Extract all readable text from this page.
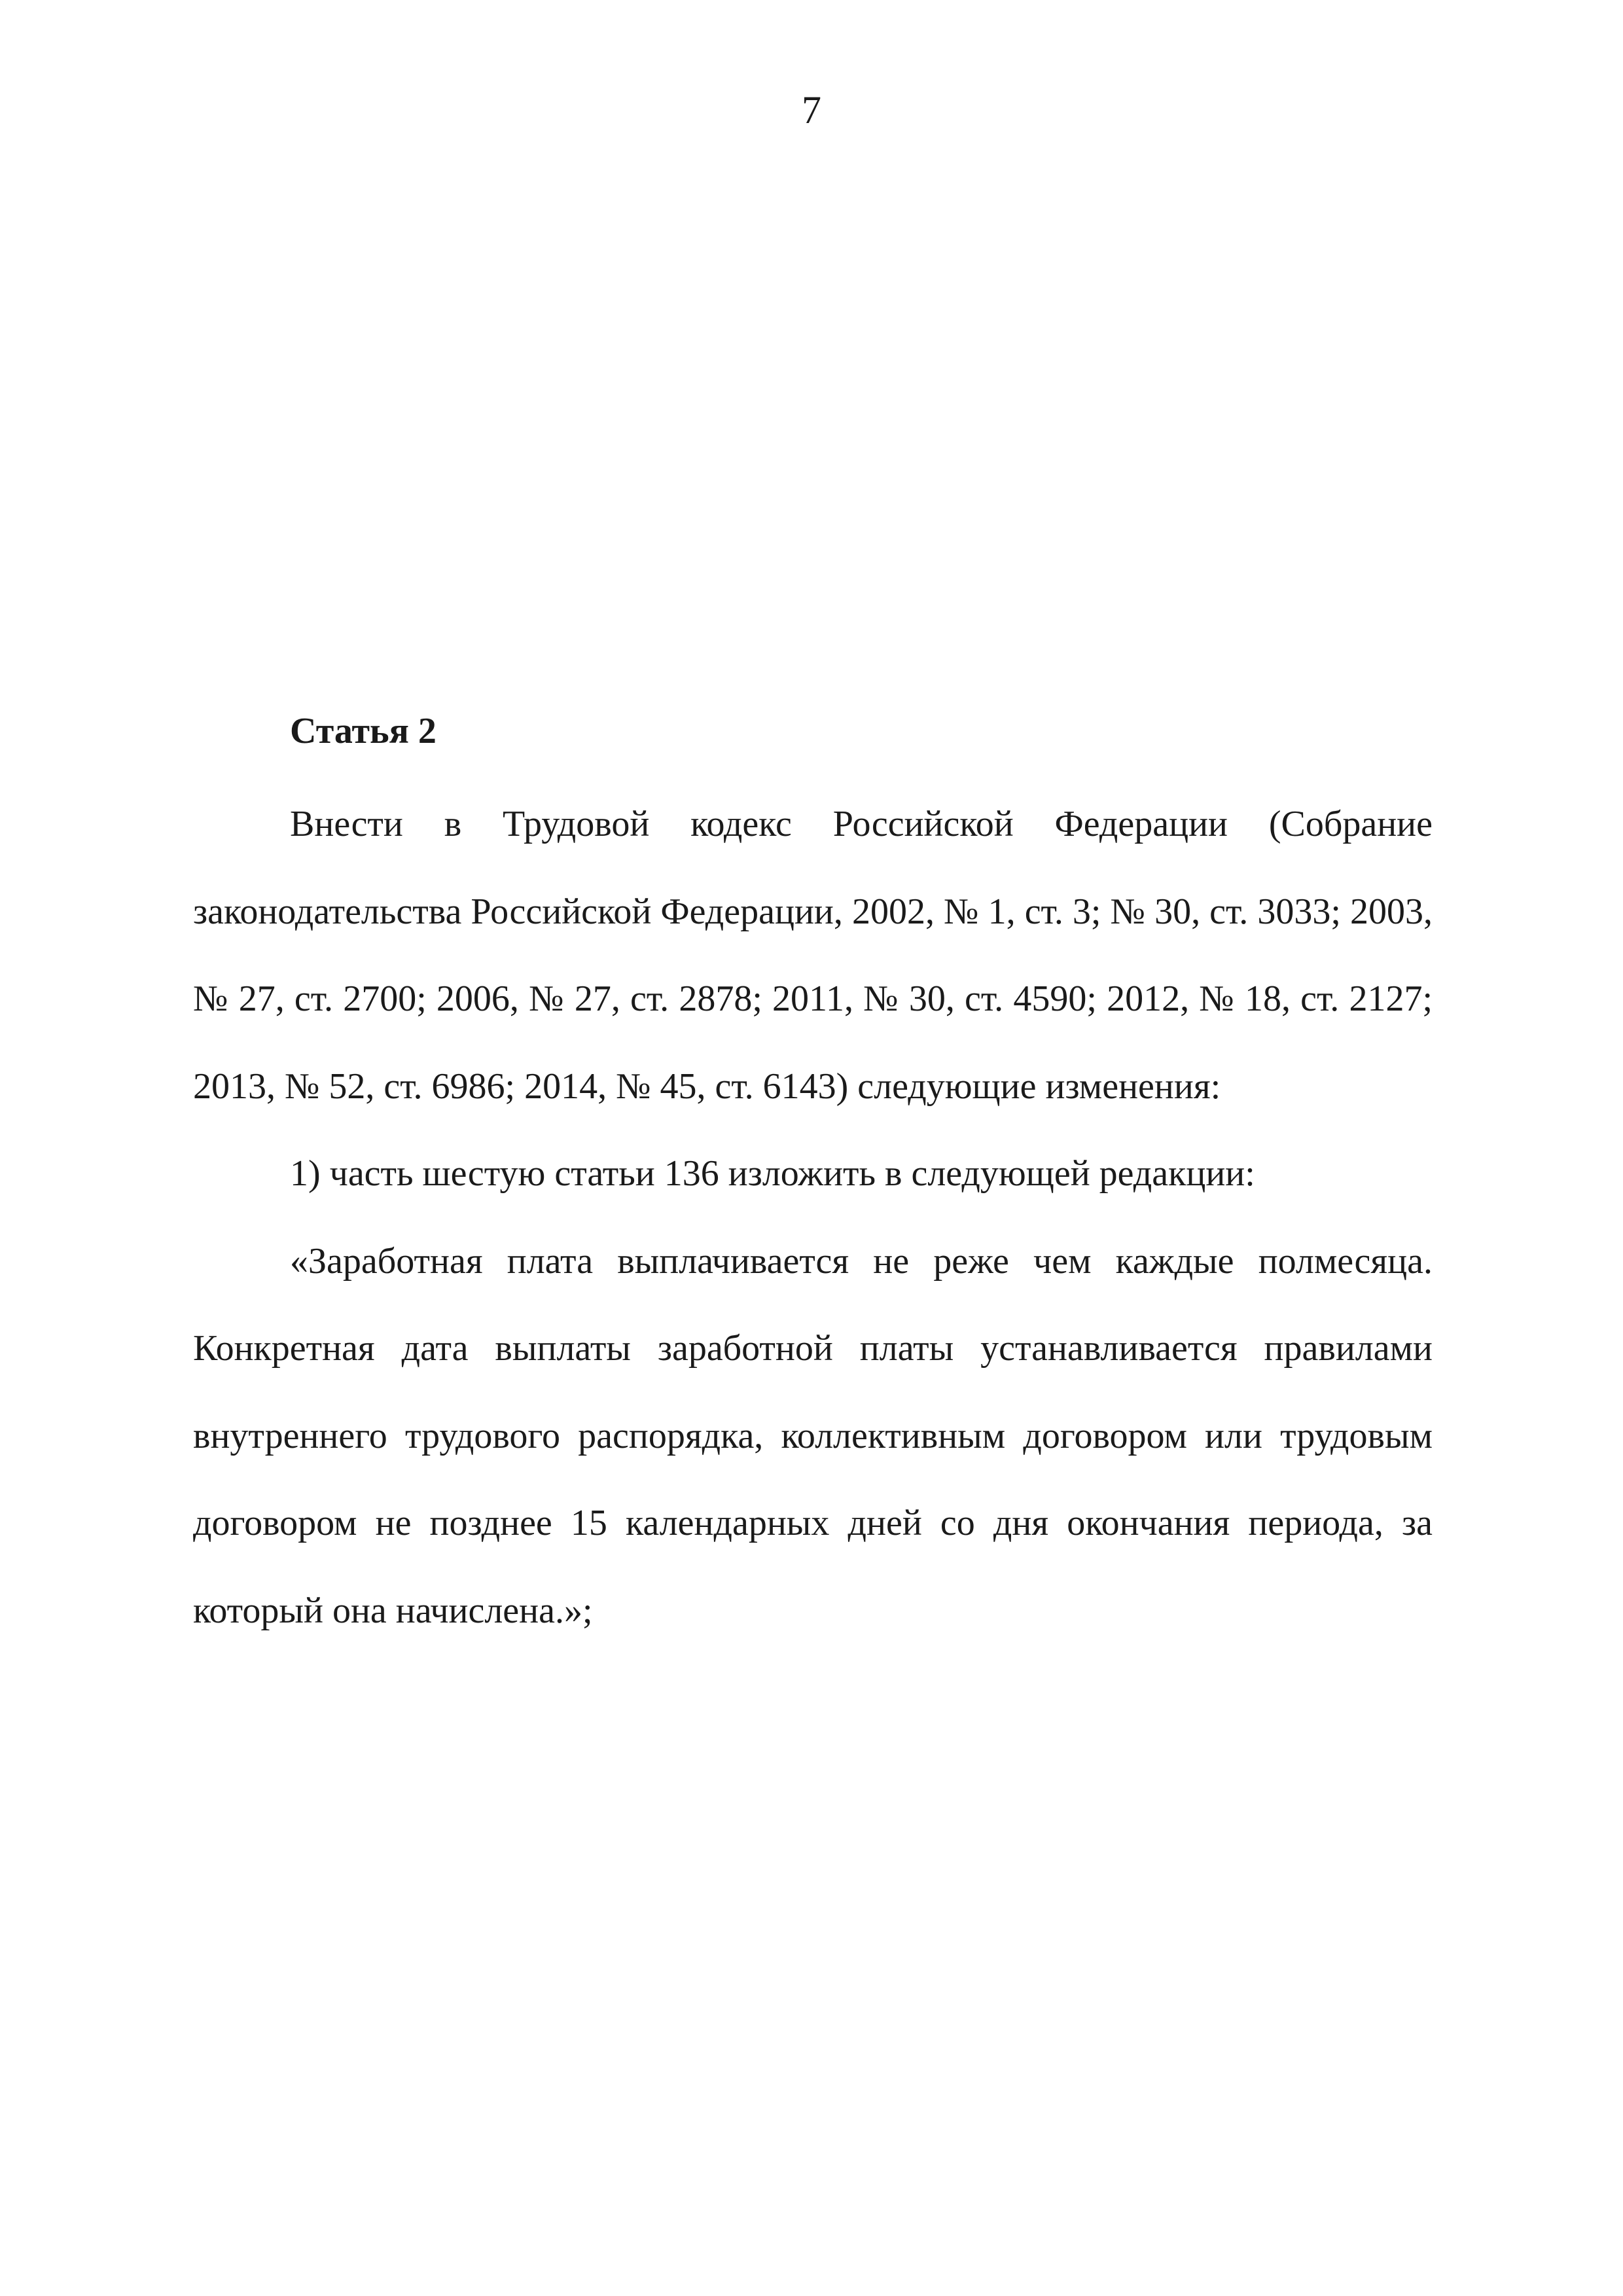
7
Статья 2

Внести в Трудовой кодекс Российской Федерации (Собрание законодательства Российской Федерации, 2002, № 1, ст. 3; № 30, ст. 3033; 2003, № 27, ст. 2700; 2006, № 27, ст. 2878; 2011, № 30, ст. 4590; 2012, № 18, ст. 2127; 2013, № 52, ст. 6986; 2014, № 45, ст. 6143) следующие изменения:

1) часть шестую статьи 136 изложить в следующей редакции:

«Заработная плата выплачивается не реже чем каждые полмесяца. Конкретная дата выплаты заработной платы устанавливается правилами внутреннего трудового распорядка, коллективным договором или трудовым договором не позднее 15 календарных дней со дня окончания периода, за который она начислена.»;
